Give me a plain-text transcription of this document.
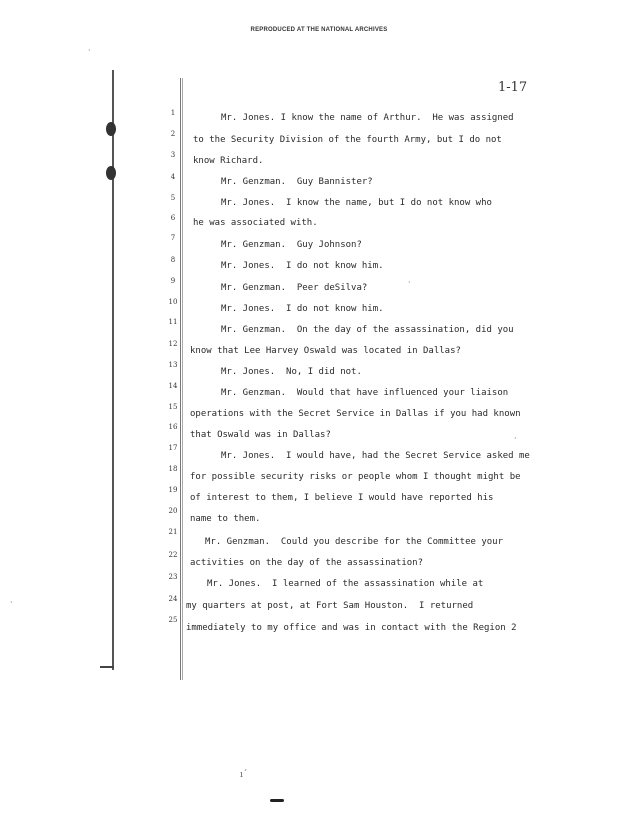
REPRODUCED AT THE NATIONAL ARCHIVES
1-17
1
2
3
4
5
6
7
8
9
10
11
12
13
14
15
16
17
18
19
20
21
22
23
24
25
Mr. Jones. I know the name of Arthur.  He was assigned
to the Security Division of the fourth Army, but I do not
know Richard.
Mr. Genzman.  Guy Bannister?
Mr. Jones.  I know the name, but I do not know who
he was associated with.
Mr. Genzman.  Guy Johnson?
Mr. Jones.  I do not know him.
Mr. Genzman.  Peer deSilva?
Mr. Jones.  I do not know him.
Mr. Genzman.  On the day of the assassination, did you
know that Lee Harvey Oswald was located in Dallas?
Mr. Jones.  No, I did not.
Mr. Genzman.  Would that have influenced your liaison
operations with the Secret Service in Dallas if you had known
that Oswald was in Dallas?
Mr. Jones.  I would have, had the Secret Service asked me
for possible security risks or people whom I thought might be
of interest to them, I believe I would have reported his
name to them.
Mr. Genzman.  Could you describe for the Committee your
activities on the day of the assassination?
Mr. Jones.  I learned of the assassination while at
my quarters at post, at Fort Sam Houston.  I returned
immediately to my office and was in contact with the Region 2
·
·
·
·
ı´
